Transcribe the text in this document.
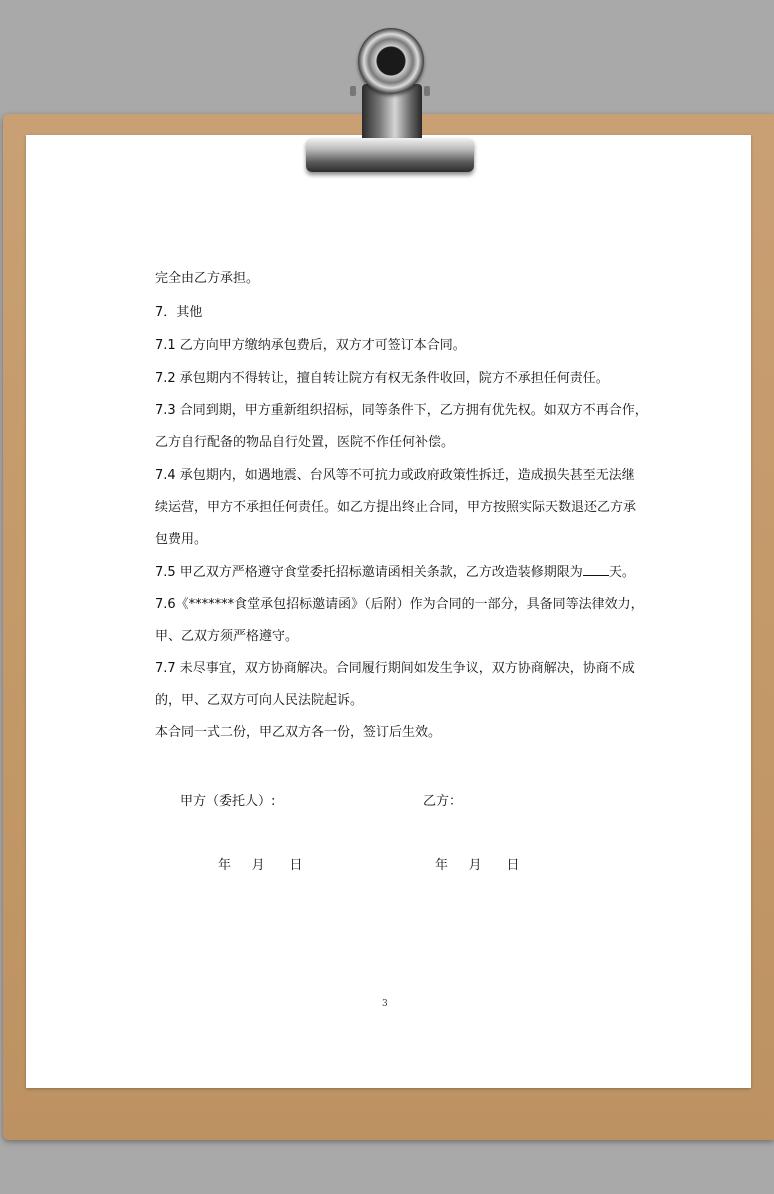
完全由乙方承担。
7．其他
7.1 乙方向甲方缴纳承包费后，双方才可签订本合同。
7.2 承包期内不得转让，擅自转让院方有权无条件收回，院方不承担任何责任。
7.3 合同到期，甲方重新组织招标，同等条件下，乙方拥有优先权。如双方不再合作，
乙方自行配备的物品自行处置，医院不作任何补偿。
7.4 承包期内，如遇地震、台风等不可抗力或政府政策性拆迁，造成损失甚至无法继
续运营，甲方不承担任何责任。如乙方提出终止合同，甲方按照实际天数退还乙方承
包费用。
7.5 甲乙双方严格遵守食堂委托招标邀请函相关条款，乙方改造装修期限为 天。
7.6《*******食堂承包招标邀请函》（后附）作为合同的一部分，具备同等法律效力，
甲、乙双方须严格遵守。
7.7 未尽事宜，双方协商解决。合同履行期间如发生争议，双方协商解决，协商不成
的，甲、乙双方可向人民法院起诉。
本合同一式二份，甲乙双方各一份，签订后生效。
甲方（委托人）:	乙方：
年     月      日	年     月      日
3
